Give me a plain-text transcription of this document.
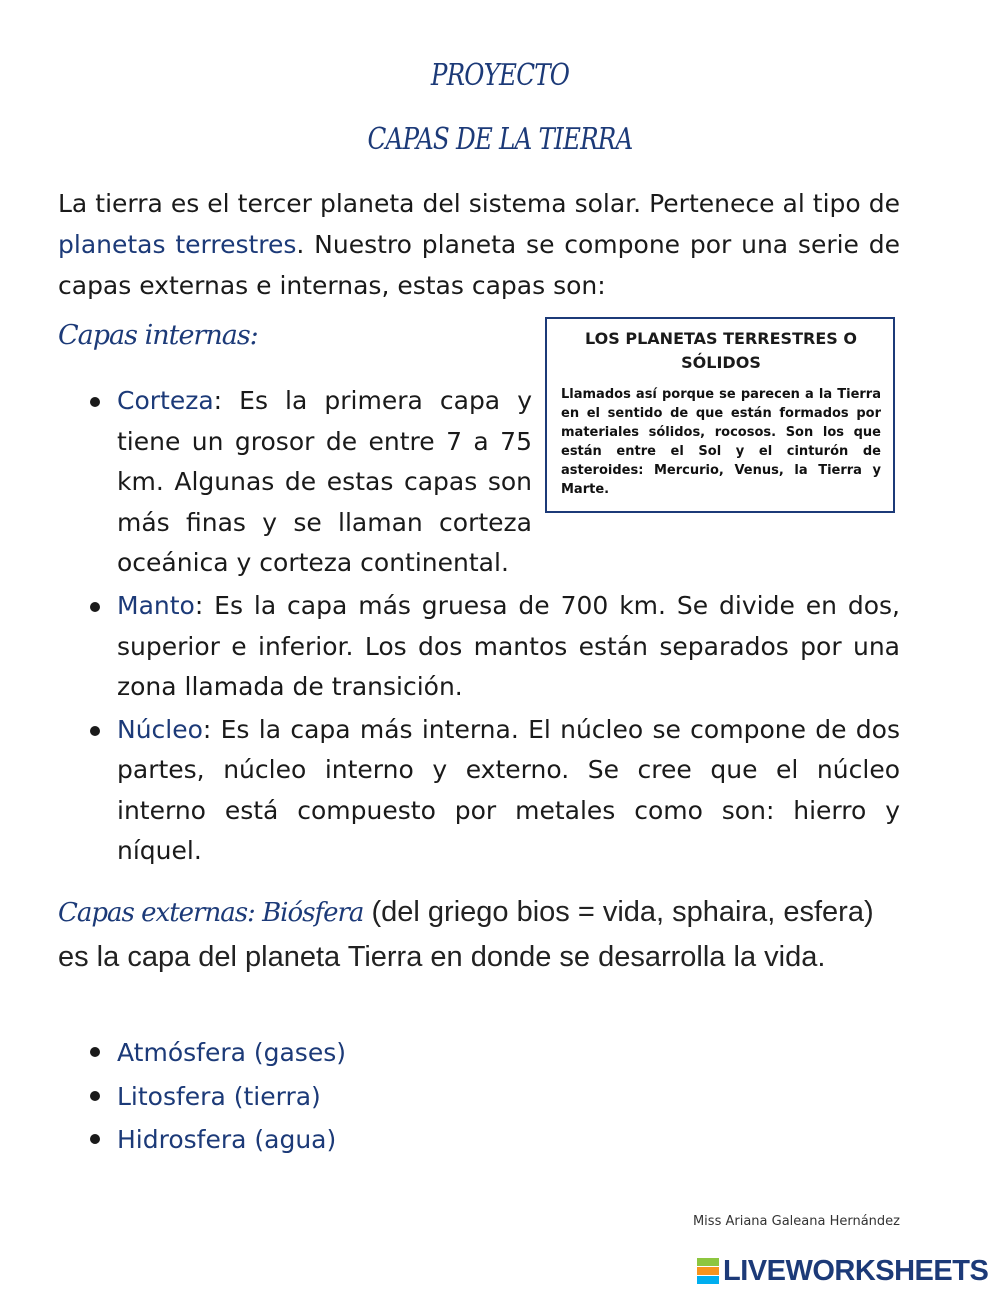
PROYECTO
CAPAS DE LA TIERRA
La tierra es el tercer planeta del sistema solar. Pertenece al tipo de planetas terrestres. Nuestro planeta se compone por una serie de capas externas e internas, estas capas son:
Capas internas:	LOS PLANETAS TERRESTRES O SÓLIDOS
Llamados así porque se parecen a la Tierra en el sentido de que están formados por materiales sólidos, rocosos. Son los que están entre el Sol y el cinturón de asteroides: Mercurio, Venus, la Tierra y Marte.
Corteza: Es la primera capa y tiene un grosor de entre 7 a 75 km. Algunas de estas capas son más finas y se llaman corteza oceánica y corteza continental.
Manto: Es la capa más gruesa de 700 km. Se divide en dos, superior e inferior. Los dos mantos están separados por una zona llamada de transición.
Núcleo: Es la capa más interna. El núcleo se compone de dos partes, núcleo interno y externo. Se cree que el núcleo interno está compuesto por metales como son: hierro y níquel.
Capas externas: Biósfera (del griego bios = vida, sphaira, esfera) es la capa del planeta Tierra en donde se desarrolla la vida.
Atmósfera (gases)
Litosfera (tierra)
Hidrosfera (agua)
Miss Ariana Galeana Hernández
LIVEWORKSHEETS
